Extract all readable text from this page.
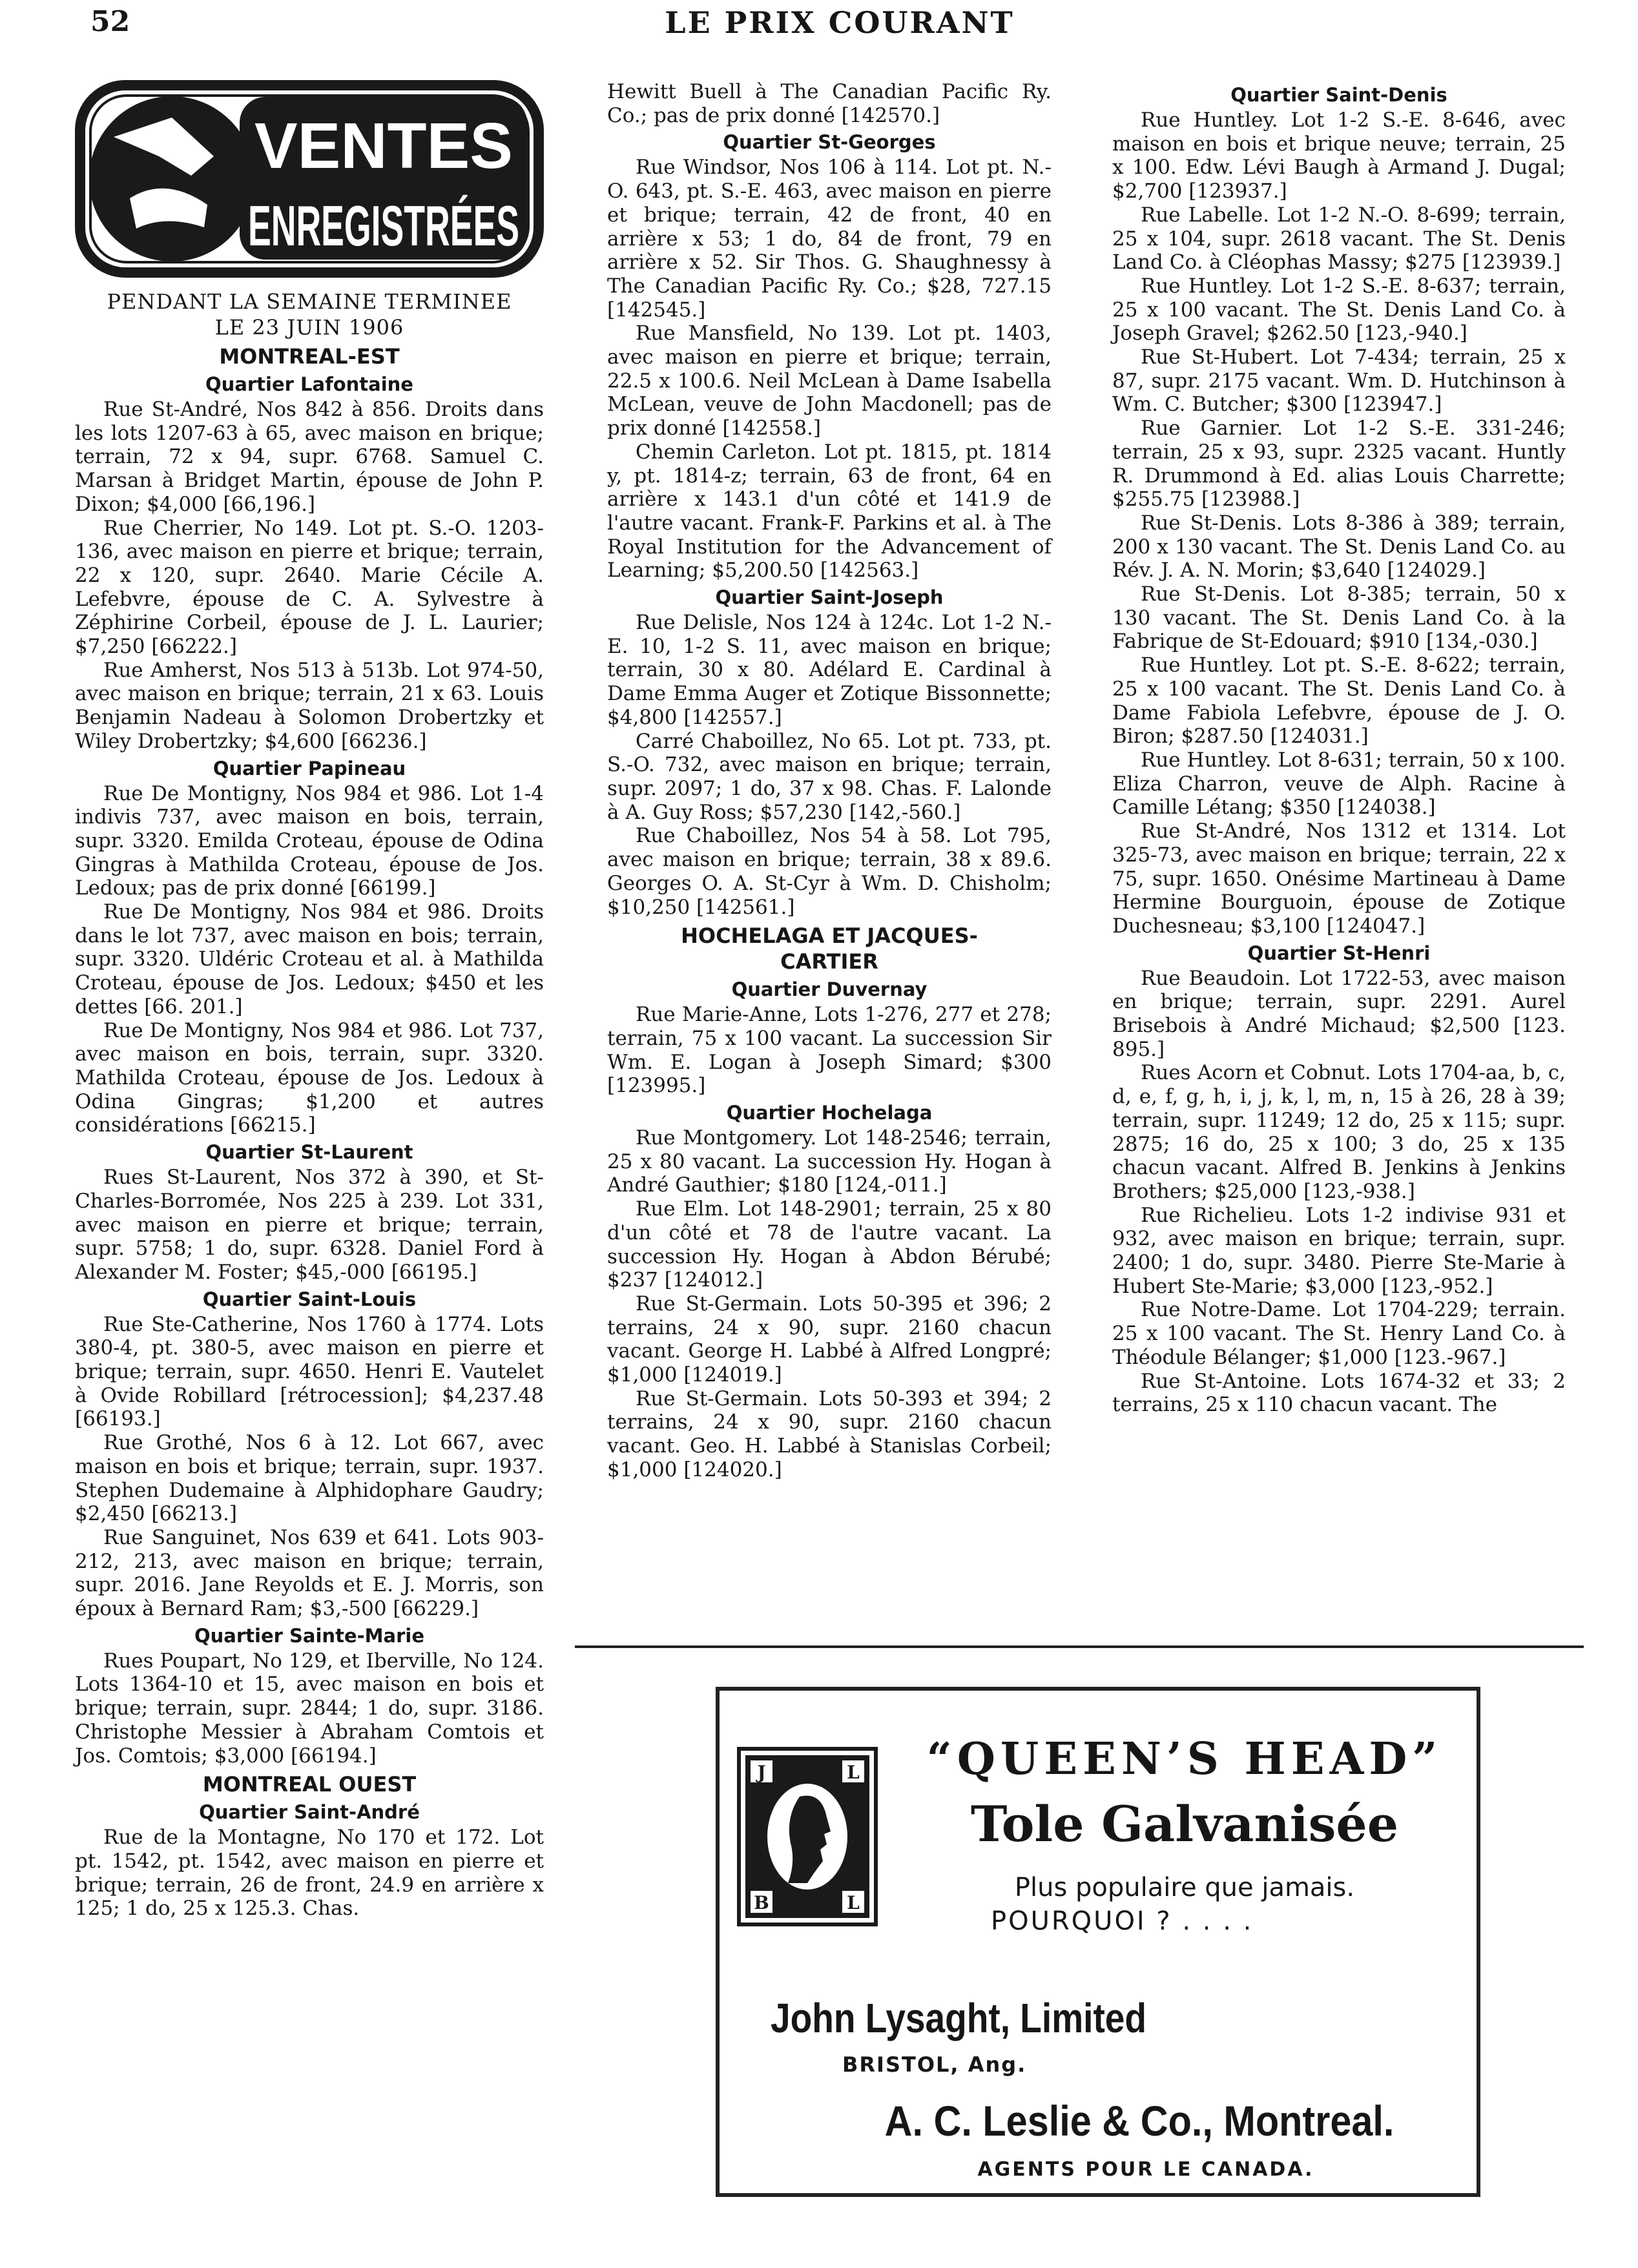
52	LE PRIX COURANT
VENTES
ENREGISTRÉES
PENDANT LA SEMAINE TERMINEE
LE 23 JUIN 1906
MONTREAL-EST
Quartier Lafontaine

Rue St-André, Nos 842 à 856. Droits dans les lots 1207-63 à 65, avec maison en brique; terrain, 72 x 94, supr. 6768. Samuel C. Marsan à Bridget Martin, épouse de John P. Dixon; $4,000 [66,196.]

Rue Cherrier, No 149. Lot pt. S.-O. 1203-136, avec maison en pierre et brique; terrain, 22 x 120, supr. 2640. Marie Cécile A. Lefebvre, épouse de C. A. Sylvestre à Zéphirine Corbeil, épouse de J. L. Laurier; $7,250 [66222.]

Rue Amherst, Nos 513 à 513b. Lot 974-50, avec maison en brique; terrain, 21 x 63. Louis Benjamin Nadeau à Solomon Drobertzky et Wiley Drobertzky; $4,600 [66236.]

Quartier Papineau

Rue De Montigny, Nos 984 et 986. Lot 1-4 indivis 737, avec maison en bois, terrain, supr. 3320. Emilda Croteau, épouse de Odina Gingras à Mathilda Croteau, épouse de Jos. Ledoux; pas de prix donné [66199.]

Rue De Montigny, Nos 984 et 986. Droits dans le lot 737, avec maison en bois; terrain, supr. 3320. Uldéric Croteau et al. à Mathilda Croteau, épouse de Jos. Ledoux; $450 et les dettes [66. 201.]

Rue De Montigny, Nos 984 et 986. Lot 737, avec maison en bois, terrain, supr. 3320. Mathilda Croteau, épouse de Jos. Ledoux à Odina Gingras; $1,200 et autres considérations [66215.]

Quartier St-Laurent

Rues St-Laurent, Nos 372 à 390, et St-Charles-Borromée, Nos 225 à 239. Lot 331, avec maison en pierre et brique; terrain, supr. 5758; 1 do, supr. 6328. Daniel Ford à Alexander M. Foster; $45,-000 [66195.]

Quartier Saint-Louis

Rue Ste-Catherine, Nos 1760 à 1774. Lots 380-4, pt. 380-5, avec maison en pierre et brique; terrain, supr. 4650. Henri E. Vautelet à Ovide Robillard [rétrocession]; $4,237.48 [66193.]

Rue Grothé, Nos 6 à 12. Lot 667, avec maison en bois et brique; terrain, supr. 1937. Stephen Dudemaine à Alphidophare Gaudry; $2,450 [66213.]

Rue Sanguinet, Nos 639 et 641. Lots 903-212, 213, avec maison en brique; terrain, supr. 2016. Jane Reyolds et E. J. Morris, son époux à Bernard Ram; $3,-500 [66229.]

Quartier Sainte-Marie

Rues Poupart, No 129, et Iberville, No 124. Lots 1364-10 et 15, avec maison en bois et brique; terrain, supr. 2844; 1 do, supr. 3186. Christophe Messier à Abraham Comtois et Jos. Comtois; $3,000 [66194.]

MONTREAL OUEST
Quartier Saint-André

Rue de la Montagne, No 170 et 172. Lot pt. 1542, pt. 1542, avec maison en pierre et brique; terrain, 26 de front, 24.9 en arrière x 125; 1 do, 25 x 125.3. Chas.

Hewitt Buell à The Canadian Pacific Ry. Co.; pas de prix donné [142570.]

Quartier St-Georges

Rue Windsor, Nos 106 à 114. Lot pt. N.-O. 643, pt. S.-E. 463, avec maison en pierre et brique; terrain, 42 de front, 40 en arrière x 53; 1 do, 84 de front, 79 en arrière x 52. Sir Thos. G. Shaughnessy à The Canadian Pacific Ry. Co.; $28, 727.15 [142545.]

Rue Mansfield, No 139. Lot pt. 1403, avec maison en pierre et brique; terrain, 22.5 x 100.6. Neil McLean à Dame Isabella McLean, veuve de John Macdonell; pas de prix donné [142558.]

Chemin Carleton. Lot pt. 1815, pt. 1814 y, pt. 1814-z; terrain, 63 de front, 64 en arrière x 143.1 d'un côté et 141.9 de l'autre vacant. Frank-F. Parkins et al. à The Royal Institution for the Advancement of Learning; $5,200.50 [142563.]

Quartier Saint-Joseph

Rue Delisle, Nos 124 à 124c. Lot 1-2 N.-E. 10, 1-2 S. 11, avec maison en brique; terrain, 30 x 80. Adélard E. Cardinal à Dame Emma Auger et Zotique Bissonnette; $4,800 [142557.]

Carré Chaboillez, No 65. Lot pt. 733, pt. S.-O. 732, avec maison en brique; terrain, supr. 2097; 1 do, 37 x 98. Chas. F. Lalonde à A. Guy Ross; $57,230 [142,-560.]

Rue Chaboillez, Nos 54 à 58. Lot 795, avec maison en brique; terrain, 38 x 89.6. Georges O. A. St-Cyr à Wm. D. Chisholm; $10,250 [142561.]

HOCHELAGA ET JACQUES-
CARTIER
Quartier Duvernay

Rue Marie-Anne, Lots 1-276, 277 et 278; terrain, 75 x 100 vacant. La succession Sir Wm. E. Logan à Joseph Simard; $300 [123995.]

Quartier Hochelaga

Rue Montgomery. Lot 148-2546; terrain, 25 x 80 vacant. La succession Hy. Hogan à André Gauthier; $180 [124,-011.]

Rue Elm. Lot 148-2901; terrain, 25 x 80 d'un côté et 78 de l'autre vacant. La succession Hy. Hogan à Abdon Bérubé; $237 [124012.]

Rue St-Germain. Lots 50-395 et 396; 2 terrains, 24 x 90, supr. 2160 chacun vacant. George H. Labbé à Alfred Longpré; $1,000 [124019.]

Rue St-Germain. Lots 50-393 et 394; 2 terrains, 24 x 90, supr. 2160 chacun vacant. Geo. H. Labbé à Stanislas Corbeil; $1,000 [124020.]

Quartier Saint-Denis

Rue Huntley. Lot 1-2 S.-E. 8-646, avec maison en bois et brique neuve; terrain, 25 x 100. Edw. Lévi Baugh à Armand J. Dugal; $2,700 [123937.]

Rue Labelle. Lot 1-2 N.-O. 8-699; terrain, 25 x 104, supr. 2618 vacant. The St. Denis Land Co. à Cléophas Massy; $275 [123939.]

Rue Huntley. Lot 1-2 S.-E. 8-637; terrain, 25 x 100 vacant. The St. Denis Land Co. à Joseph Gravel; $262.50 [123,-940.]

Rue St-Hubert. Lot 7-434; terrain, 25 x 87, supr. 2175 vacant. Wm. D. Hutchinson à Wm. C. Butcher; $300 [123947.]

Rue Garnier. Lot 1-2 S.-E. 331-246; terrain, 25 x 93, supr. 2325 vacant. Huntly R. Drummond à Ed. alias Louis Charrette; $255.75 [123988.]

Rue St-Denis. Lots 8-386 à 389; terrain, 200 x 130 vacant. The St. Denis Land Co. au Rév. J. A. N. Morin; $3,640 [124029.]

Rue St-Denis. Lot 8-385; terrain, 50 x 130 vacant. The St. Denis Land Co. à la Fabrique de St-Edouard; $910 [134,-030.]

Rue Huntley. Lot pt. S.-E. 8-622; terrain, 25 x 100 vacant. The St. Denis Land Co. à Dame Fabiola Lefebvre, épouse de J. O. Biron; $287.50 [124031.]

Rue Huntley. Lot 8-631; terrain, 50 x 100. Eliza Charron, veuve de Alph. Racine à Camille Létang; $350 [124038.]

Rue St-André, Nos 1312 et 1314. Lot 325-73, avec maison en brique; terrain, 22 x 75, supr. 1650. Onésime Martineau à Dame Hermine Bourguoin, épouse de Zotique Duchesneau; $3,100 [124047.]

Quartier St-Henri

Rue Beaudoin. Lot 1722-53, avec maison en brique; terrain, supr. 2291. Aurel Brisebois à André Michaud; $2,500 [123. 895.]

Rues Acorn et Cobnut. Lots 1704-aa, b, c, d, e, f, g, h, i, j, k, l, m, n, 15 à 26, 28 à 39; terrain, supr. 11249; 12 do, 25 x 115; supr. 2875; 16 do, 25 x 100; 3 do, 25 x 135 chacun vacant. Alfred B. Jenkins à Jenkins Brothers; $25,000 [123,-938.]

Rue Richelieu. Lots 1-2 indivise 931 et 932, avec maison en brique; terrain, supr. 2400; 1 do, supr. 3480. Pierre Ste-Marie à Hubert Ste-Marie; $3,000 [123,-952.]

Rue Notre-Dame. Lot 1704-229; terrain. 25 x 100 vacant. The St. Henry Land Co. à Théodule Bélanger; $1,000 [123.-967.]

Rue St-Antoine. Lots 1674-32 et 33; 2 terrains, 25 x 110 chacun vacant. The

J	L
B	L
“QUEEN’S HEAD”
Tole Galvanisée
Plus populaire que jamais.
POURQUOI ? . . . .
John Lysaght, Limited
BRISTOL, Ang.
A. C. Leslie & Co., Montreal.
AGENTS POUR LE CANADA.
